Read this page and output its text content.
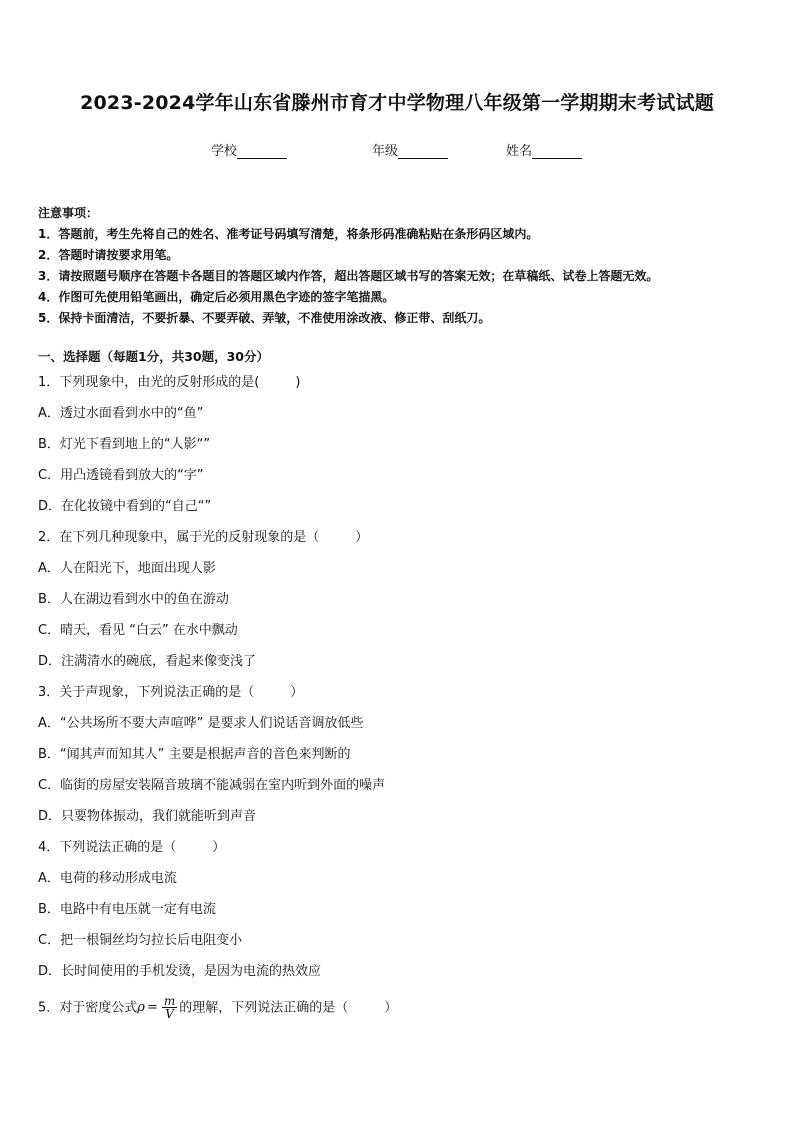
2023-2024学年山东省滕州市育才中学物理八年级第一学期期末考试试题
学校	年级	姓名
注意事项：
1．答题前，考生先将自己的姓名、准考证号码填写清楚，将条形码准确粘贴在条形码区域内。
2．答题时请按要求用笔。
3．请按照题号顺序在答题卡各题目的答题区域内作答，超出答题区域书写的答案无效；在草稿纸、试卷上答题无效。
4．作图可先使用铅笔画出，确定后必须用黑色字迹的签字笔描黑。
5．保持卡面清洁，不要折暴、不要弄破、弄皱，不准使用涂改液、修正带、刮纸刀。
一、选择题（每题1分，共30题，30分）
1．下列现象中，由光的反射形成的是(	)
A．透过水面看到水中的“鱼”
B．灯光下看到地上的“人影“”
C．用凸透镜看到放大的“字”
D．在化妆镜中看到的“自己“”
2．在下列几种现象中，属于光的反射现象的是（	）
A．人在阳光下，地面出现人影
B．人在湖边看到水中的鱼在游动
C．晴天，看见 “白云” 在水中飘动
D．注满清水的碗底，看起来像变浅了
3．关于声现象，下列说法正确的是（	）
A．“公共场所不要大声喧哗” 是要求人们说话音调放低些
B．“闻其声而知其人” 主要是根据声音的音色来判断的
C．临街的房屋安装隔音玻璃不能减弱在室内听到外面的噪声
D．只要物体振动，我们就能听到声音
4．下列说法正确的是（	）
A．电荷的移动形成电流
B．电路中有电压就一定有电流
C．把一根铜丝均匀拉长后电阻变小
D．长时间使用的手机发烫，是因为电流的热效应
5．对于密度公式$\rho = \frac{m}{V}$ 的理解，下列说法正确的是（	）
